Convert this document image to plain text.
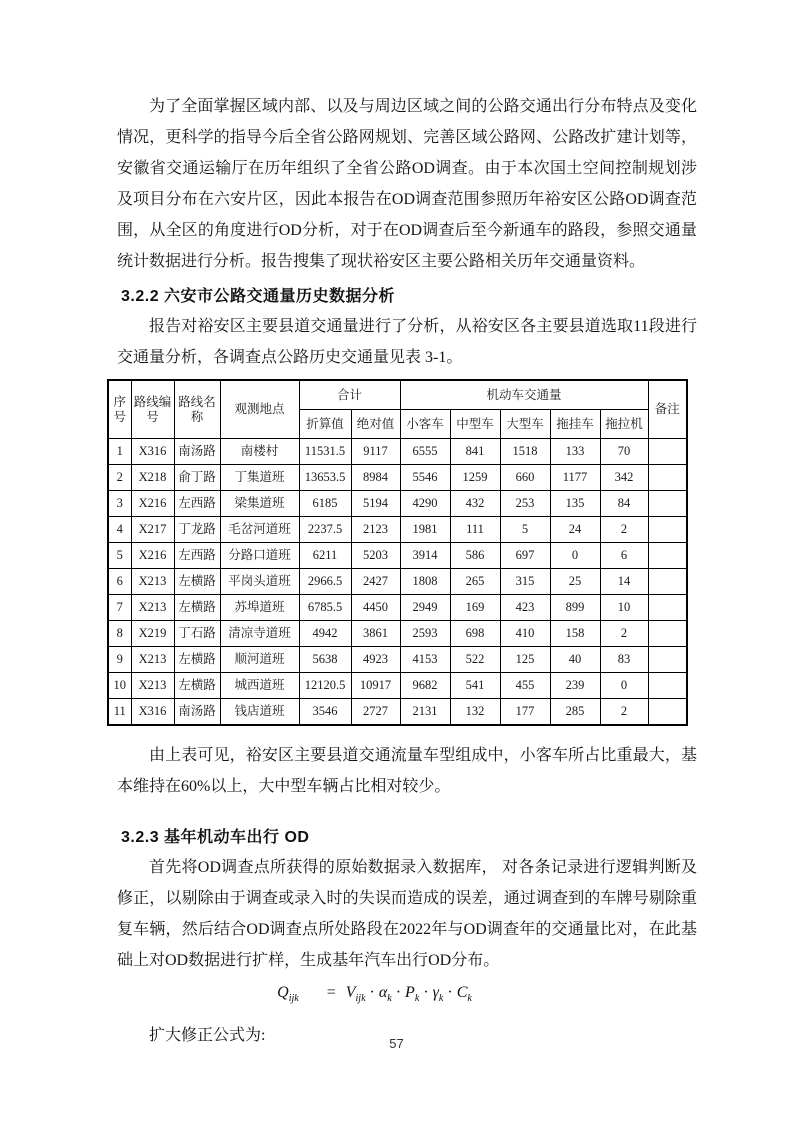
为了全面掌握区域内部、以及与周边区域之间的公路交通出行分布特点及变化情况，更科学的指导今后全省公路网规划、完善区域公路网、公路改扩建计划等，安徽省交通运输厅在历年组织了全省公路OD调查。由于本次国土空间控制规划涉及项目分布在六安片区，因此本报告在OD调查范围参照历年裕安区公路OD调查范围，从全区的角度进行OD分析，对于在OD调查后至今新通车的路段，参照交通量统计数据进行分析。报告搜集了现状裕安区主要公路相关历年交通量资料。

3.2.2 六安市公路交通量历史数据分析

报告对裕安区主要县道交通量进行了分析，从裕安区各主要县道选取11段进行交通量分析，各调查点公路历史交通量见表 3-1。

序号	路线编号	路线名称	观测地点	合计		机动车交通量					备注
				折算值	绝对值	小客车	中型车	大型车	拖挂车	拖拉机	
1	X316	南汤路	南楼村	11531.5	9117	6555	841	1518	133	70	
2	X218	俞丁路	丁集道班	13653.5	8984	5546	1259	660	1177	342	
3	X216	左西路	梁集道班	6185	5194	4290	432	253	135	84	
4	X217	丁龙路	毛岔河道班	2237.5	2123	1981	111	5	24	2	
5	X216	左西路	分路口道班	6211	5203	3914	586	697	0	6	
6	X213	左横路	平岗头道班	2966.5	2427	1808	265	315	25	14	
7	X213	左横路	苏埠道班	6785.5	4450	2949	169	423	899	10	
8	X219	丁石路	清凉寺道班	4942	3861	2593	698	410	158	2	
9	X213	左横路	顺河道班	5638	4923	4153	522	125	40	83	
10	X213	左横路	城西道班	12120.5	10917	9682	541	455	239	0	
11	X316	南汤路	钱店道班	3546	2727	2131	132	177	285	2	

由上表可见，裕安区主要县道交通流量车型组成中，小客车所占比重最大，基本维持在60%以上，大中型车辆占比相对较少。

3.2.3 基年机动车出行 OD

首先将OD调查点所获得的原始数据录入数据库， 对各条记录进行逻辑判断及修正，以剔除由于调查或录入时的失误而造成的误差，通过调查到的车牌号剔除重复车辆，然后结合OD调查点所处路段在2022年与OD调查年的交通量比对，在此基础上对OD数据进行扩样，生成基年汽车出行OD分布。

$Q_{ijk} = V_{ijk} \cdot \alpha_k \cdot P_k \cdot \gamma_k \cdot C_k$

扩大修正公式为:	57
